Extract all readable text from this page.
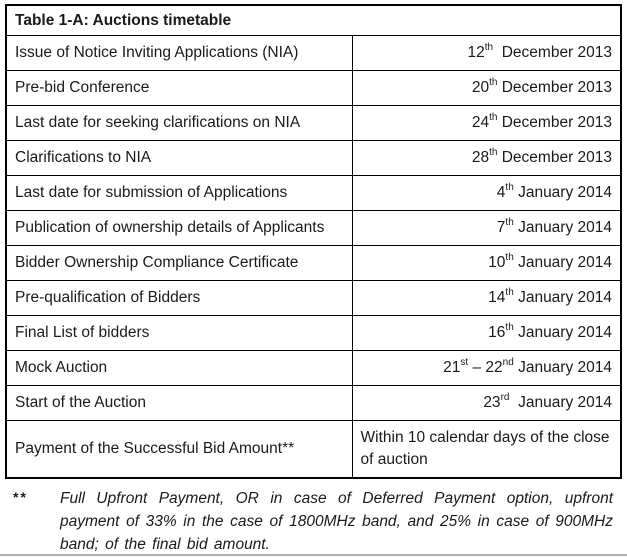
Table 1-A: Auctions timetable	
Issue of Notice Inviting Applications (NIA)	12th  December 2013
Pre-bid Conference	20th December 2013
Last date for seeking clarifications on NIA	24th December 2013
Clarifications to NIA	28th December 2013
Last date for submission of Applications	4th January 2014
Publication of ownership details of Applicants	7th January 2014
Bidder Ownership Compliance Certificate	10th January 2014
Pre-qualification of Bidders	14th January 2014
Final List of bidders	16th January 2014
Mock Auction	21st – 22nd January 2014
Start of the Auction	23rd  January 2014
Payment of the Successful Bid Amount**	Within 10 calendar days of the close of auction
**	Full Upfront Payment, OR in case of Deferred Payment option, upfront payment of 33% in the case of 1800MHz band, and 25% in case of 900MHz band; of the final bid amount.
